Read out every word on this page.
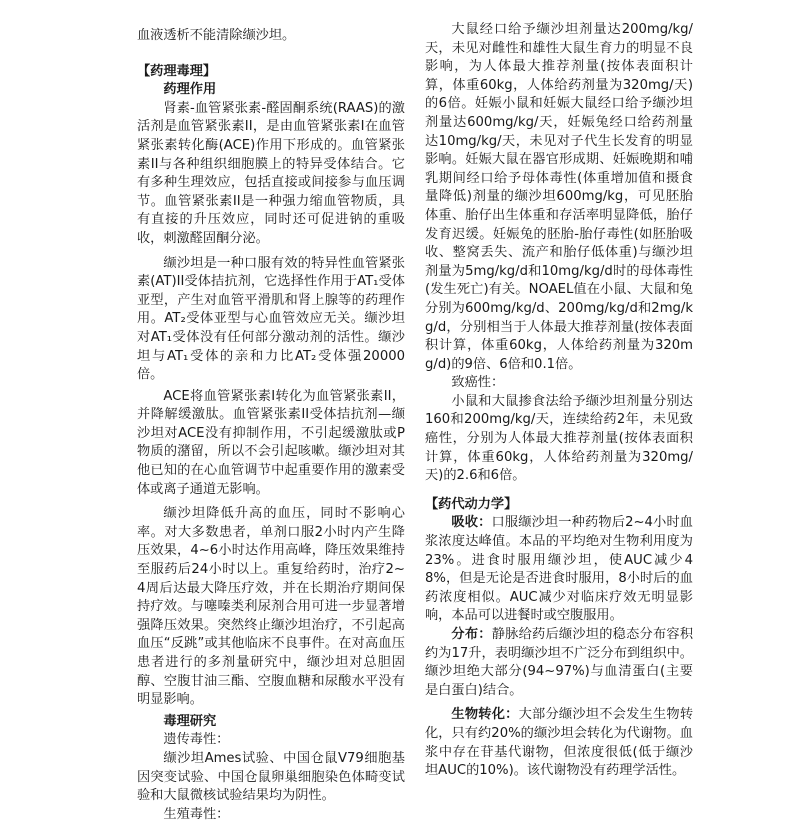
血液透析不能清除缬沙坦。

【药理毒理】

药理作用

肾素-血管紧张素-醛固酮系统(RAAS)的激活剂是血管紧张素II，是由血管紧张素I在血管紧张素转化酶(ACE)作用下形成的。血管紧张素II与各种组织细胞膜上的特异受体结合。它有多种生理效应，包括直接或间接参与血压调节。血管紧张素II是一种强力缩血管物质，具有直接的升压效应，同时还可促进钠的重吸收，刺激醛固酮分泌。

缬沙坦是一种口服有效的特异性血管紧张素(AT)II受体拮抗剂，它选择性作用于AT₁受体亚型，产生对血管平滑肌和肾上腺等的药理作用。AT₂受体亚型与心血管效应无关。缬沙坦对AT₁受体没有任何部分激动剂的活性。缬沙坦与AT₁受体的亲和力比AT₂受体强20000倍。

ACE将血管紧张素I转化为血管紧张素II，并降解缓激肽。血管紧张素II受体拮抗剂—缬沙坦对ACE没有抑制作用，不引起缓激肽或P物质的潴留，所以不会引起咳嗽。缬沙坦对其他已知的在心血管调节中起重要作用的激素受体或离子通道无影响。

缬沙坦降低升高的血压，同时不影响心率。对大多数患者，单剂口服2小时内产生降压效果，4~6小时达作用高峰，降压效果维持至服药后24小时以上。重复给药时，治疗2~4周后达最大降压疗效，并在长期治疗期间保持疗效。与噻嗪类利尿剂合用可进一步显著增强降压效果。突然终止缬沙坦治疗，不引起高血压“反跳”或其他临床不良事件。在对高血压患者进行的多剂量研究中，缬沙坦对总胆固醇、空腹甘油三酯、空腹血糖和尿酸水平没有明显影响。

毒理研究

遗传毒性：

缬沙坦Ames试验、中国仓鼠V79细胞基因突变试验、中国仓鼠卵巢细胞染色体畸变试验和大鼠微核试验结果均为阴性。

生殖毒性：

大鼠经口给予缬沙坦剂量达200mg/kg/天，未见对雌性和雄性大鼠生育力的明显不良影响，为人体最大推荐剂量(按体表面积计算，体重60kg，人体给药剂量为320mg/天)的6倍。妊娠小鼠和妊娠大鼠经口给予缬沙坦剂量达600mg/kg/天，妊娠兔经口给药剂量达10mg/kg/天，未见对子代生长发育的明显影响。妊娠大鼠在器官形成期、妊娠晚期和哺乳期间经口给予母体毒性(体重增加值和摄食量降低)剂量的缬沙坦600mg/kg，可见胚胎体重、胎仔出生体重和存活率明显降低，胎仔发育迟缓。妊娠兔的胚胎-胎仔毒性(如胚胎吸收、整窝丢失、流产和胎仔低体重)与缬沙坦剂量为5mg/kg/d和10mg/kg/d时的母体毒性(发生死亡)有关。NOAEL值在小鼠、大鼠和兔分别为600mg/kg/d、200mg/kg/d和2mg/kg/d，分别相当于人体最大推荐剂量(按体表面积计算，体重60kg，人体给药剂量为320mg/d)的9倍、6倍和0.1倍。

致癌性：

小鼠和大鼠掺食法给予缬沙坦剂量分别达160和200mg/kg/天，连续给药2年，未见致癌性，分别为人体最大推荐剂量(按体表面积计算，体重60kg，人体给药剂量为320mg/天)的2.6和6倍。

【药代动力学】

吸收：口服缬沙坦一种药物后2~4小时血浆浓度达峰值。本品的平均绝对生物利用度为23%。进食时服用缬沙坦，使AUC减少48%，但是无论是否进食时服用，8小时后的血药浓度相似。AUC减少对临床疗效无明显影响，本品可以进餐时或空腹服用。

分布：静脉给药后缬沙坦的稳态分布容积约为17升，表明缬沙坦不广泛分布到组织中。缬沙坦绝大部分(94~97%)与血清蛋白(主要是白蛋白)结合。

生物转化：大部分缬沙坦不会发生生物转化，只有约20%的缬沙坦会转化为代谢物。血浆中存在苷基代谢物，但浓度很低(低于缬沙坦AUC的10%)。该代谢物没有药理学活性。
